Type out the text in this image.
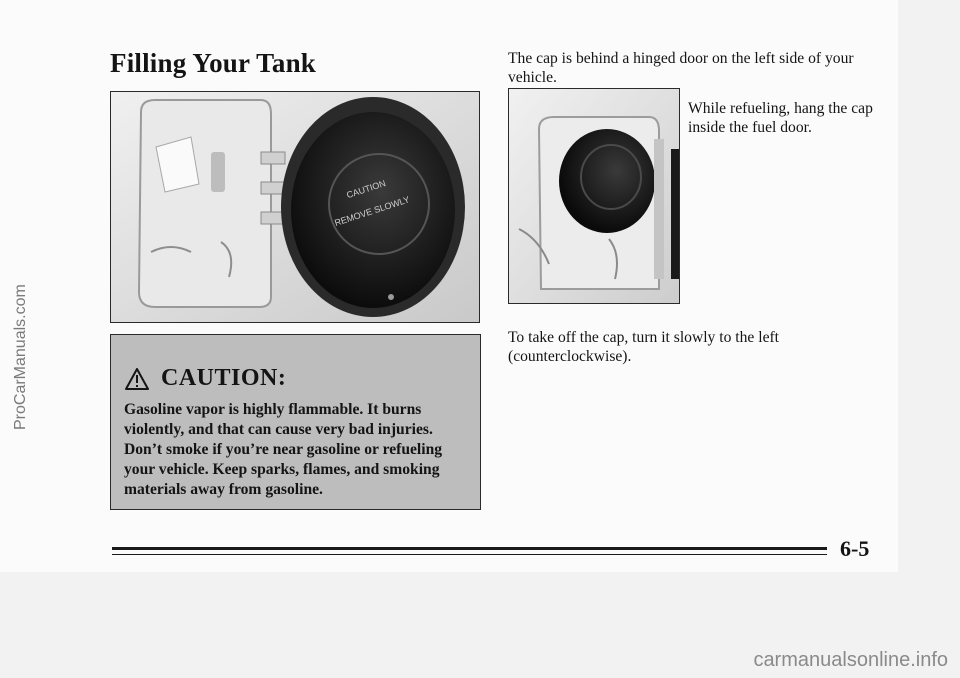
Filling Your Tank
CAUTION
REMOVE SLOWLY
The cap is behind a hinged door on the left side of your vehicle.
While refueling, hang the cap inside the fuel door.
To take off the cap, turn it slowly to the left (counterclockwise).
CAUTION:
Gasoline vapor is highly flammable. It burns violently, and that can cause very bad injuries. Don’t smoke if you’re near gasoline or refueling your vehicle. Keep sparks, flames, and smoking materials away from gasoline.
6-5
ProCarManuals.com
carmanualsonline.info
